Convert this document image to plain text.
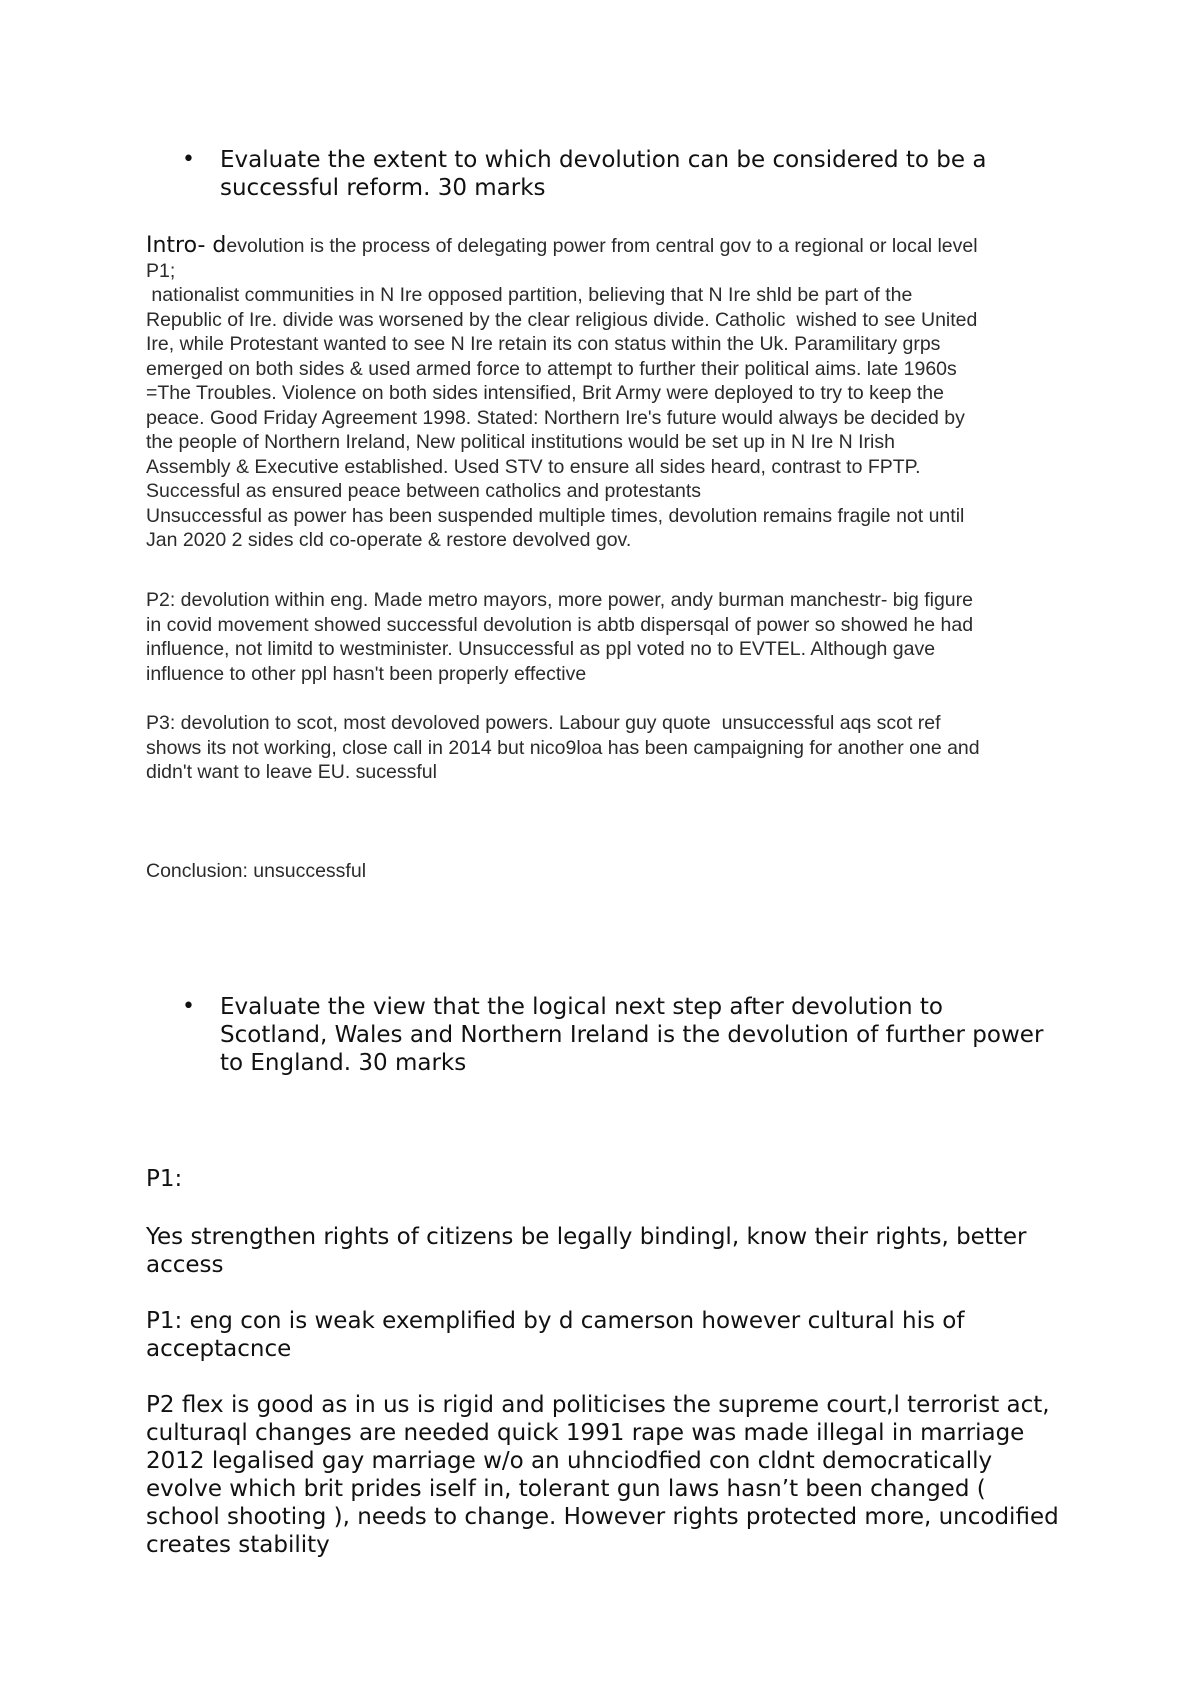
• Evaluate the extent to which devolution can be considered to be a successful reform. 30 marks

Intro- devolution is the process of delegating power from central gov to a regional or local level

P1;

nationalist communities in N Ire opposed partition, believing that N Ire shld be part of the
Republic of Ire. divide was worsened by the clear religious divide. Catholic  wished to see United
Ire, while Protestant wanted to see N Ire retain its con status within the Uk. Paramilitary grps
emerged on both sides & used armed force to attempt to further their political aims. late 1960s
=The Troubles. Violence on both sides intensified, Brit Army were deployed to try to keep the
peace. Good Friday Agreement 1998. Stated: Northern Ire's future would always be decided by
the people of Northern Ireland, New political institutions would be set up in N Ire N Irish
Assembly & Executive established. Used STV to ensure all sides heard, contrast to FPTP.
Successful as ensured peace between catholics and protestants
Unsuccessful as power has been suspended multiple times, devolution remains fragile not until
Jan 2020 2 sides cld co-operate & restore devolved gov.
P2: devolution within eng. Made metro mayors, more power, andy burman manchestr- big figure
in covid movement showed successful devolution is abtb dispersqal of power so showed he had
influence, not limitd to westminister. Unsuccessful as ppl voted no to EVTEL. Although gave
influence to other ppl hasn't been properly effective
P3: devolution to scot, most devoloved powers. Labour guy quote  unsuccessful aqs scot ref
shows its not working, close call in 2014 but nico9loa has been campaigning for another one and
didn't want to leave EU. sucessful

Conclusion: unsuccessful

• Evaluate the view that the logical next step after devolution to Scotland, Wales and Northern Ireland is the devolution of further power to England. 30 marks

P1:

Yes strengthen rights of citizens be legally bindingl, know their rights, better access

P1: eng con is weak exemplified by d camerson however cultural his of acceptacnce

P2 flex is good as in us is rigid and politicises the supreme court,l terrorist act, culturaql changes are needed quick 1991 rape was made illegal in marriage 2012 legalised gay marriage w/o an uhnciodfied con cldnt democratically evolve which brit prides iself in, tolerant gun laws hasn’t been changed ( school shooting ), needs to change. However rights protected more, uncodified creates stability
